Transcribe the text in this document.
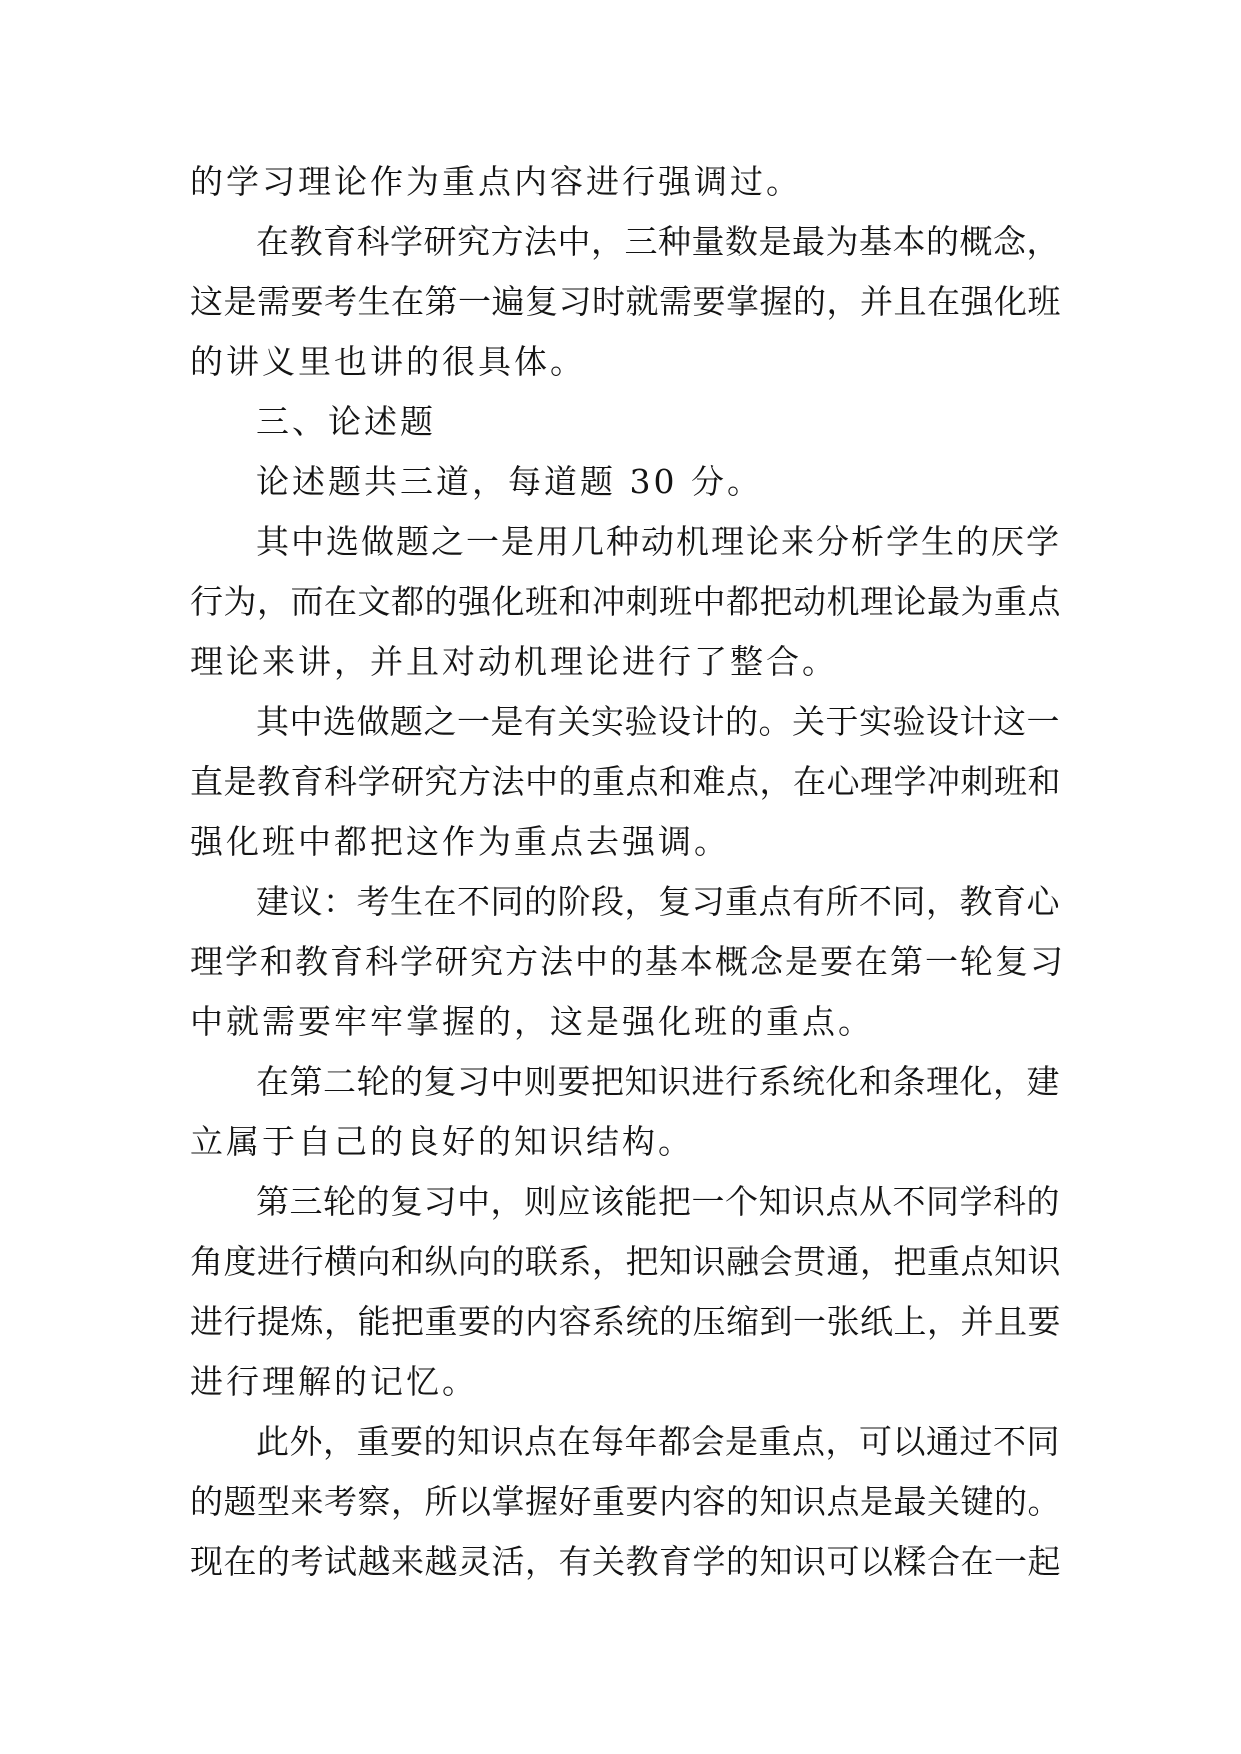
的学习理论作为重点内容进行强调过。
在教育科学研究方法中，三种量数是最为基本的概念，
这是需要考生在第一遍复习时就需要掌握的，并且在强化班
的讲义里也讲的很具体。
三、论述题
论述题共三道，每道题 30 分。
其中选做题之一是用几种动机理论来分析学生的厌学
行为，而在文都的强化班和冲刺班中都把动机理论最为重点
理论来讲，并且对动机理论进行了整合。
其中选做题之一是有关实验设计的。关于实验设计这一
直是教育科学研究方法中的重点和难点，在心理学冲刺班和
强化班中都把这作为重点去强调。
建议：考生在不同的阶段，复习重点有所不同，教育心
理学和教育科学研究方法中的基本概念是要在第一轮复习
中就需要牢牢掌握的，这是强化班的重点。
在第二轮的复习中则要把知识进行系统化和条理化，建
立属于自己的良好的知识结构。
第三轮的复习中，则应该能把一个知识点从不同学科的
角度进行横向和纵向的联系，把知识融会贯通，把重点知识
进行提炼，能把重要的内容系统的压缩到一张纸上，并且要
进行理解的记忆。
此外，重要的知识点在每年都会是重点，可以通过不同
的题型来考察，所以掌握好重要内容的知识点是最关键的。
现在的考试越来越灵活，有关教育学的知识可以糅合在一起
